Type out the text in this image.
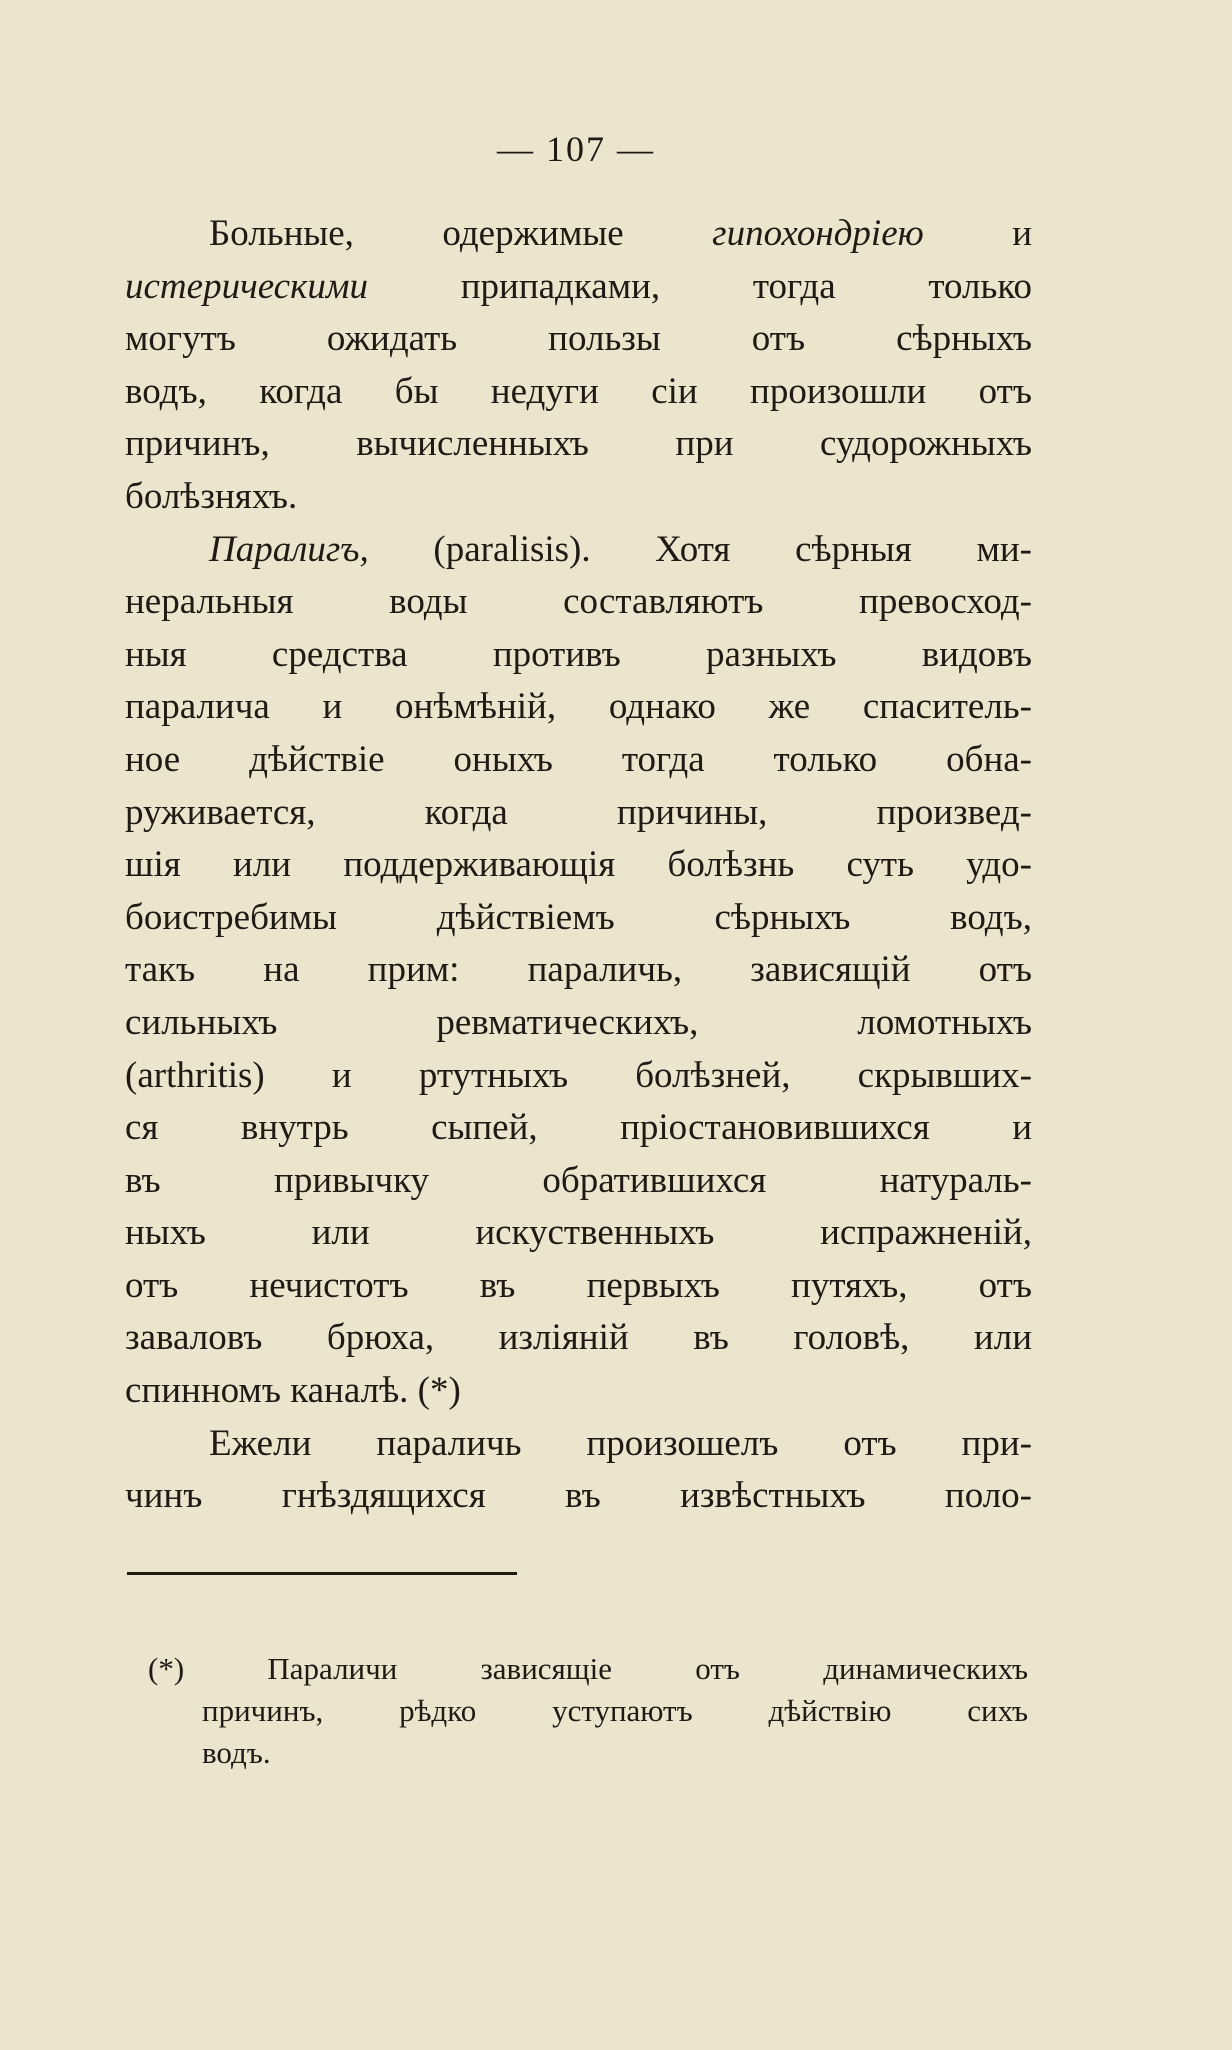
— 107 —
Больные, одержимые гипохондріею и
истерическими припадками, тогда только
могутъ ожидать пользы отъ сѣрныхъ
водъ, когда бы недуги сіи произошли отъ
причинъ, вычисленныхъ при судорожныхъ
болѣзняхъ.
Паралигъ, (paralisis). Хотя сѣрныя ми-
неральныя воды составляютъ превосход-
ныя средства противъ разныхъ видовъ
паралича и онѣмѣній, однако же спаситель-
ное дѣйствіе оныхъ тогда только обна-
руживается, когда причины, произвед-
шія или поддерживающія болѣзнь суть удо-
боистребимы дѣйствіемъ сѣрныхъ водъ,
такъ на прим: параличь, зависящій отъ
сильныхъ ревматическихъ, ломотныхъ
(arthritis) и ртутныхъ болѣзней, скрывших-
ся внутрь сыпей, пріостановившихся и
въ привычку обратившихся натураль-
ныхъ или искуственныхъ испражненій,
отъ нечистотъ въ первыхъ путяхъ, отъ
заваловъ брюха, изліяній въ головѣ, или
спинномъ каналѣ. (*)
Ежели параличь произошелъ отъ при-
чинъ гнѣздящихся въ извѣстныхъ поло-
(*) Параличи зависящіе отъ динамическихъ
причинъ, рѣдко уступаютъ дѣйствію сихъ
водъ.
